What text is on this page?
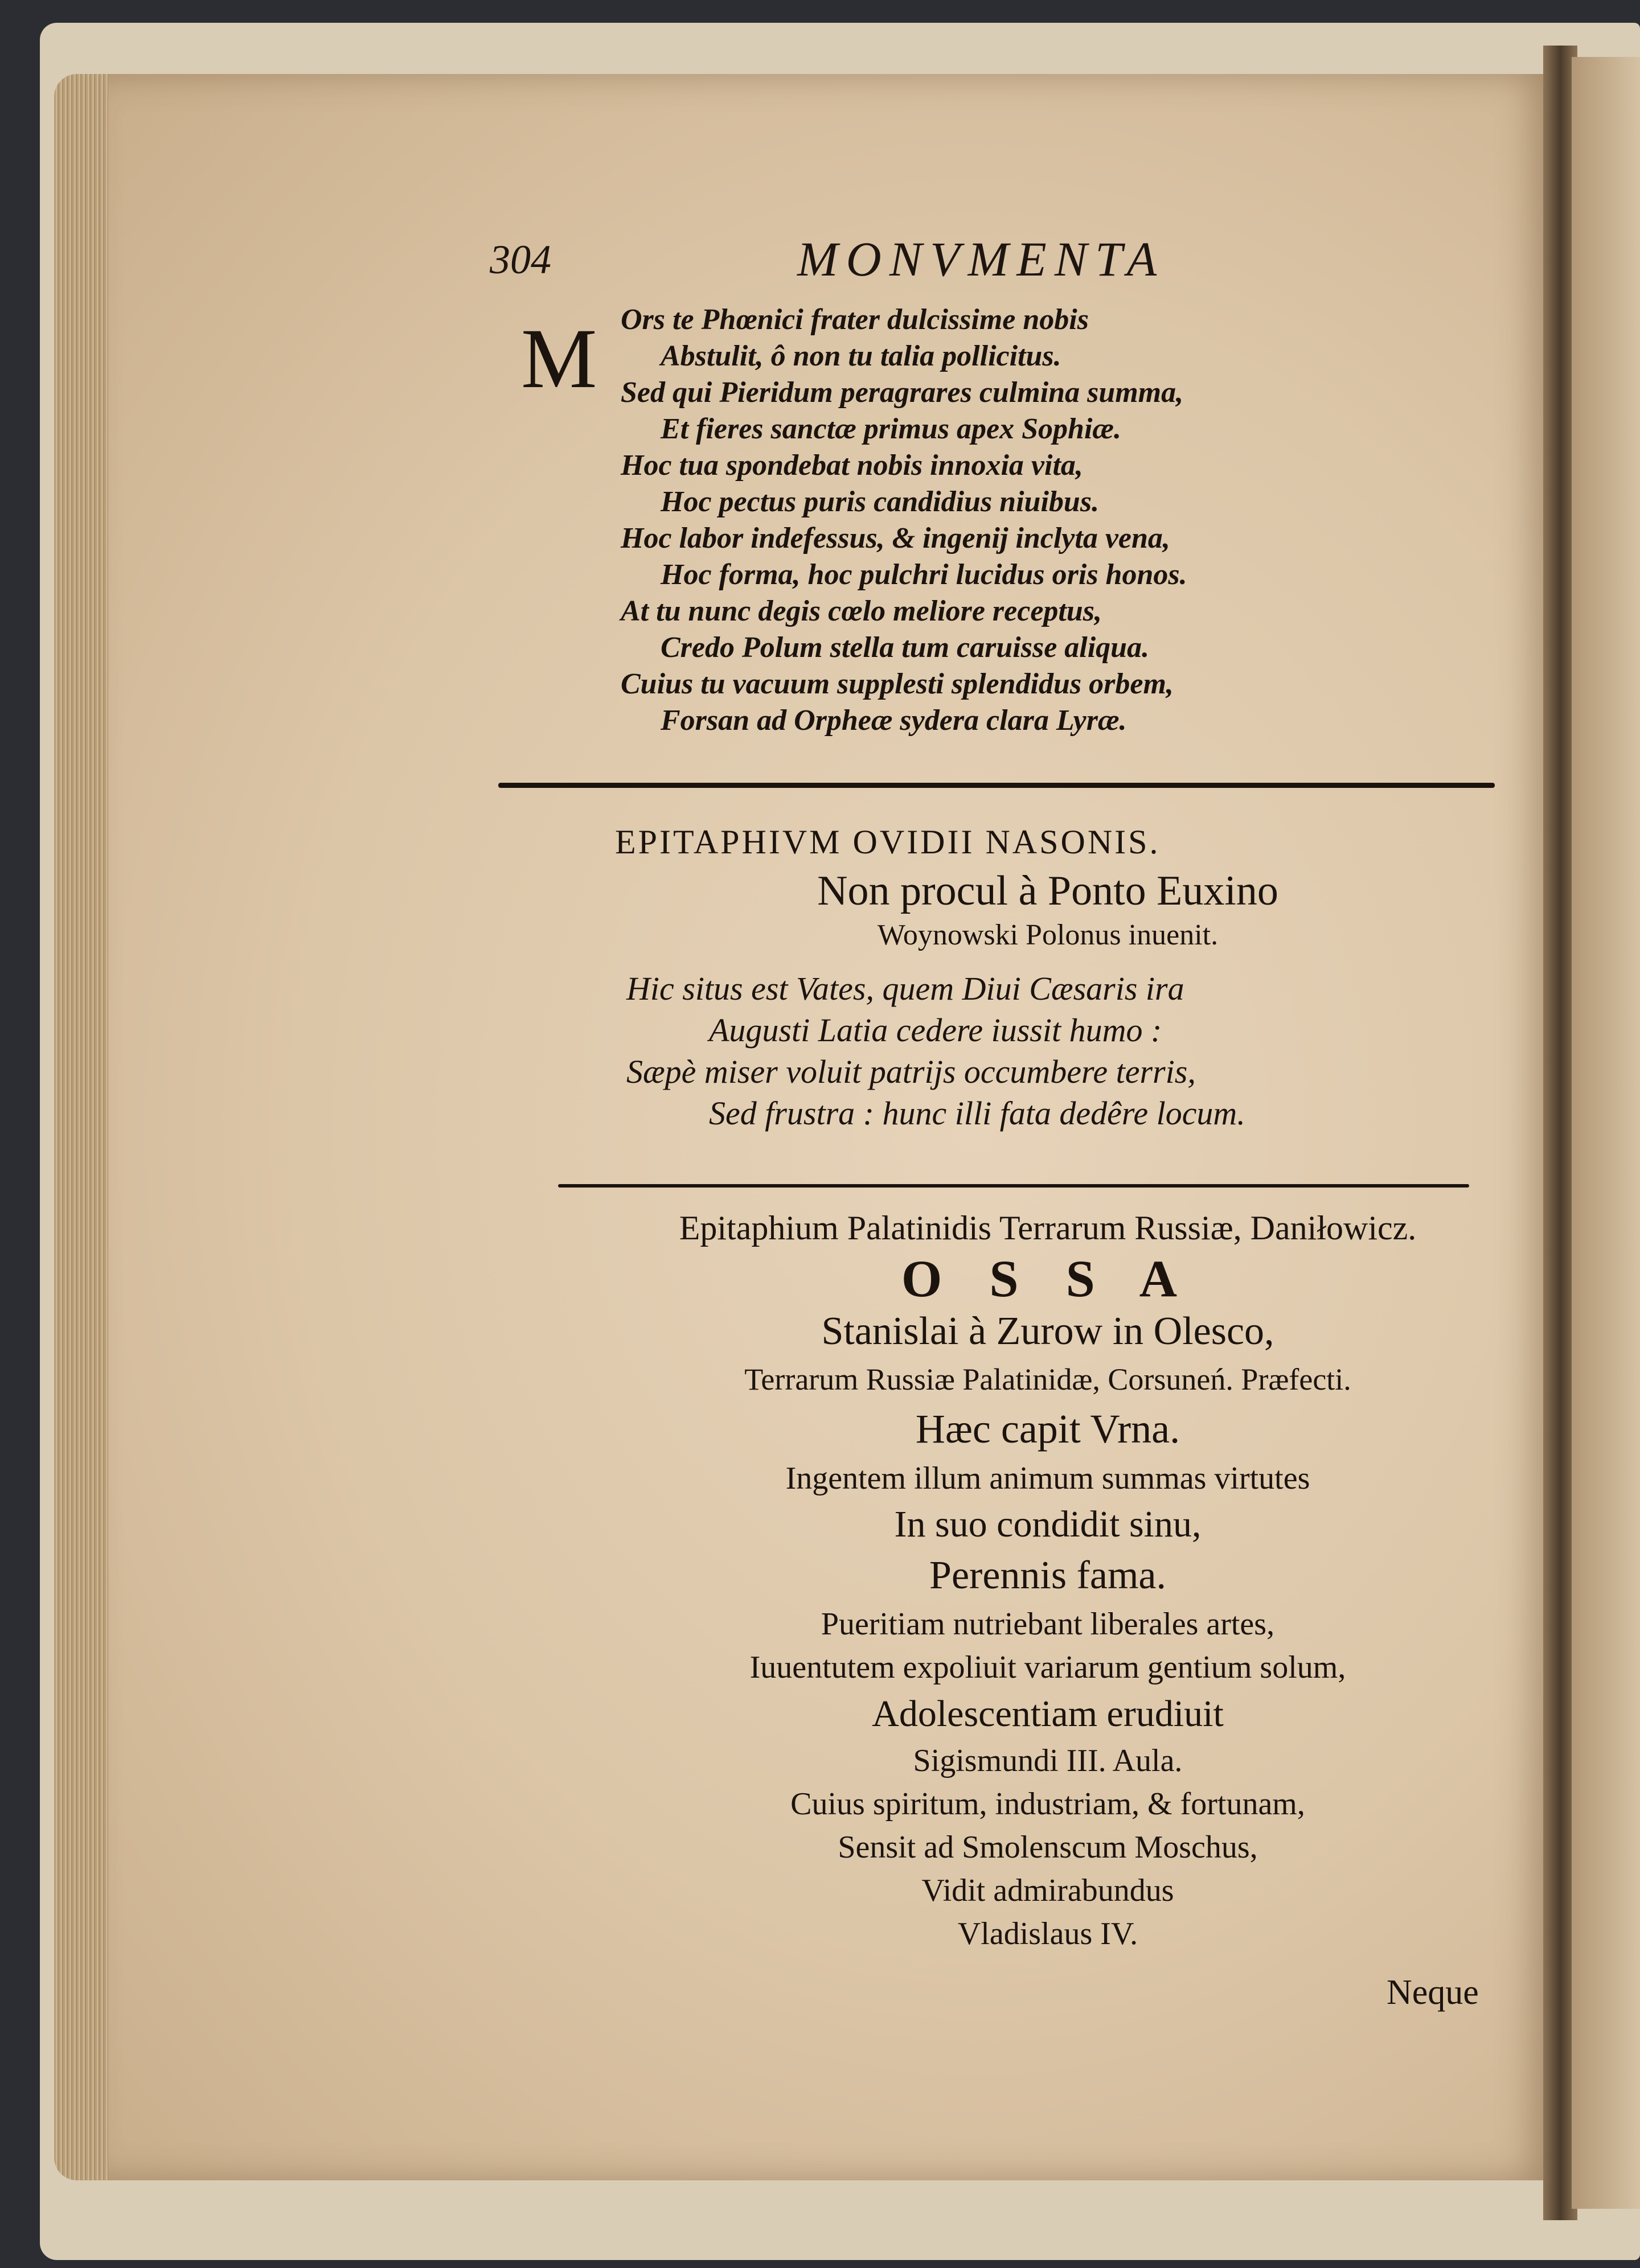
304	MONVMENTA
M Ors te Phœnici frater dulcissime nobis
Abstulit, ô non tu talia pollicitus.
Sed qui Pieridum peragrares culmina summa,
Et fieres sanctæ primus apex Sophiæ.
Hoc tua spondebat nobis innoxia vita,
Hoc pectus puris candidius niuibus.
Hoc labor indefessus, & ingenij inclyta vena,
Hoc forma, hoc pulchri lucidus oris honos.
At tu nunc degis cœlo meliore receptus,
Credo Polum stella tum caruisse aliqua.
Cuius tu vacuum supplesti splendidus orbem,
Forsan ad Orpheæ sydera clara Lyræ.
EPITAPHIVM OVIDII NASONIS.
Non procul à Ponto Euxino
Woynowski Polonus inuenit.
Hic situs est Vates, quem Diui Cæsaris ira
Augusti Latia cedere iussit humo :
Sæpè miser voluit patrijs occumbere terris,
Sed frustra : hunc illi fata dedêre locum.
Epitaphium Palatinidis Terrarum Russiæ, Daniłowicz.
O S S A
Stanislai à Zurow in Olesco,
Terrarum Russiæ Palatinidæ, Corsuneń. Præfecti.
Hæc capit Vrna.
Ingentem illum animum summas virtutes
In suo condidit sinu,
Perennis fama.
Pueritiam nutriebant liberales artes,
Iuuentutem expoliuit variarum gentium solum,
Adolescentiam erudiuit
Sigismundi III. Aula.
Cuius spiritum, industriam, & fortunam,
Sensit ad Smolenscum Moschus,
Vidit admirabundus
Vladislaus IV.
Neque
